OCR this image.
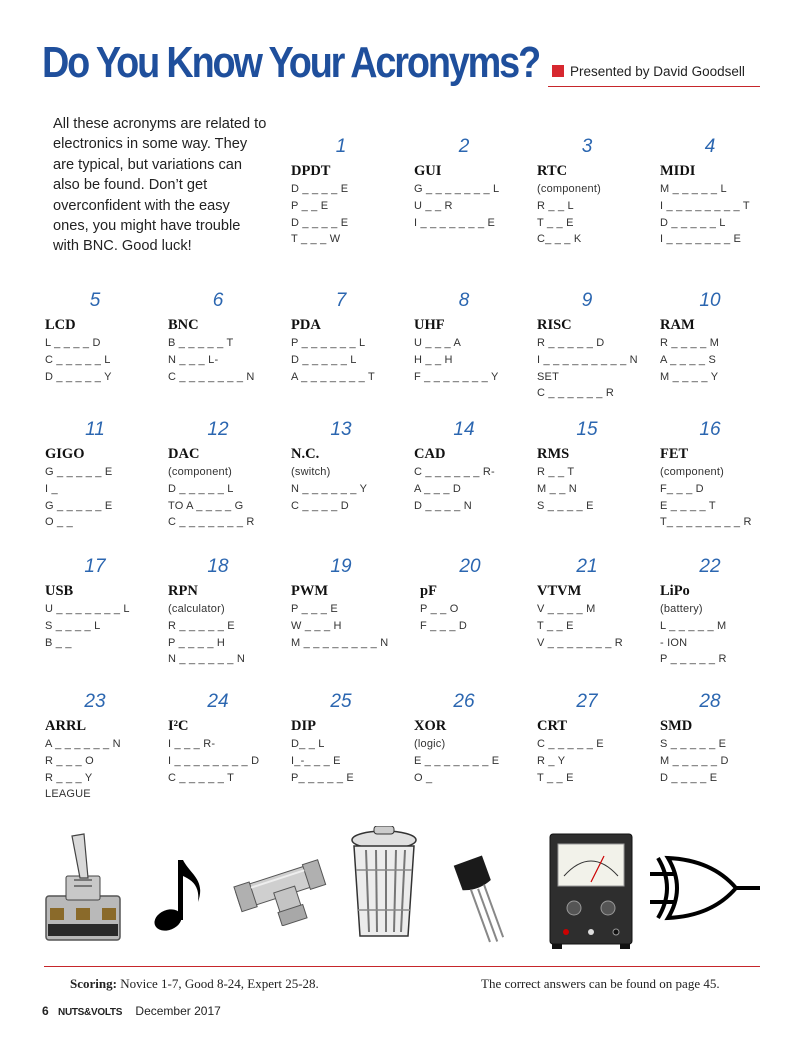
Do You Know Your Acronyms?	Presented by David Goodsell
All these acronyms are related to electronics in some way. They are typical, but variations can also be found. Don’t get overconfident with the easy ones, you might have trouble with BNC. Good luck!
1
DPDT
D _ _ _ _ E
P _ _ E
D _ _ _ _ E
T _ _ _ W
2
GUI
G _ _ _ _ _ _ _ L
U _ _ R
I _ _ _ _ _ _ _ E
3
RTC
(component)
R _ _ L
T _ _ E
C_ _ _ K
4
MIDI
M _ _ _ _ _ L
I _ _ _ _ _ _ _ _ T
D _ _ _ _ _ L
I _ _ _ _ _ _ _ E
5
LCD
L _ _ _ _ D
C _ _ _ _ _ L
D _ _ _ _ _ Y
6
BNC
B _ _ _ _ _ T
N _ _ _ L-
C _ _ _ _ _ _ _ N
7
PDA
P _ _ _ _ _ _ L
D _ _ _ _ _ L
A _ _ _ _ _ _ _ T
8
UHF
U _ _ _ A
H _ _ H
F _ _ _ _ _ _ _ Y
9
RISC
R _ _ _ _ _ D
I _ _ _ _ _ _ _ _ _ N
SET
C _ _ _ _ _ _ R
10
RAM
R _ _ _ _ M
A _ _ _ _ S
M _ _ _ _ Y
11
GIGO
G _ _ _ _ _ E
I _
G _ _ _ _ _ E
O _ _
12
DAC
(component)
D _ _ _ _ _ L
TO A _ _ _ _ G
C _ _ _ _ _ _ _ R
13
N.C.
(switch)
N _ _ _ _ _ _ Y
C _ _ _ _ D
14
CAD
C _ _ _ _ _ _ R-
A _ _ _ D
D _ _ _ _ N
15
RMS
R _ _ T
M _ _ N
S _ _ _ _ E
16
FET
(component)
F_ _ _ D
E _ _ _ _ T
T_ _ _ _ _ _ _ _ R
17
USB
U _ _ _ _ _ _ _ L
S _ _ _ _ L
B _ _
18
RPN
(calculator)
R _ _ _ _ _ E
P _ _ _ _ H
N _ _ _ _ _ _ N
19
PWM
P _ _ _ E
W _ _ _ H
M _ _ _ _ _ _ _ _ N
20
pF
P _ _ O
F _ _ _ D
21
VTVM
V _ _ _ _ M
T _ _ E
V _ _ _ _ _ _ _ R
22
LiPo
(battery)
L _ _ _ _ _ M
- ION
P _ _ _ _ _ R
23
ARRL
A _ _ _ _ _ _ N
R _ _ _ O
R _ _ _ Y
LEAGUE
24
I²C
I _ _ _ R-
I _ _ _ _ _ _ _ _ D
C _ _ _ _ _ T
25
DIP
D_ _ L
I_-_ _ _ E
P_ _ _ _ _ E
26
XOR
(logic)
E _ _ _ _ _ _ _ E
O _
27
CRT
C _ _ _ _ _ E
R _ Y
T _ _ E
28
SMD
S _ _ _ _ _ E
M _ _ _ _ _ D
D _ _ _ _ E
Scoring: Novice 1-7, Good 8-24, Expert 25-28.	The correct answers can be found on page 45.
6 NUTS&VOLTS December 2017
